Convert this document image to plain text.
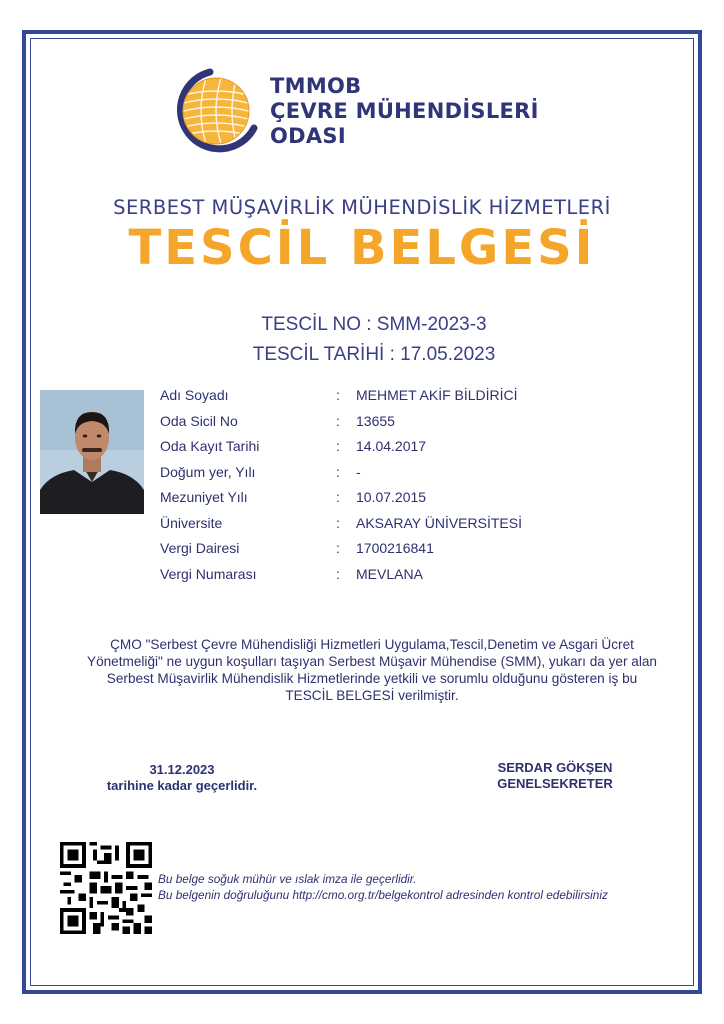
TMMOB
ÇEVRE MÜHENDİSLERİ
ODASI
SERBEST MÜŞAVİRLİK MÜHENDİSLİK HİZMETLERİ
TESCİL BELGESİ
TESCİL NO : SMM-2023-3
TESCİL TARİHİ : 17.05.2023
Adı Soyadı	: MEHMET AKİF BİLDİRİCİ
Oda Sicil No	: 13655
Oda Kayıt Tarihi	: 14.04.2017
Doğum yer, Yılı	: -
Mezuniyet Yılı	: 10.07.2015
Üniversite	: AKSARAY ÜNİVERSİTESİ
Vergi Dairesi	: 1700216841
Vergi Numarası	: MEVLANA

ÇMO "Serbest Çevre Mühendisliği Hizmetleri Uygulama,Tescil,Denetim ve Asgari Ücret

Yönetmeliği" ne uygun koşulları taşıyan Serbest Müşavir Mühendise (SMM), yukarı da yer alan

Serbest Müşavirlik Mühendislik Hizmetlerinde yetkili ve sorumlu olduğunu gösteren iş bu

TESCİL BELGESİ verilmiştir.

31.12.2023
tarihine kadar geçerlidir.
SERDAR GÖKŞEN
GENELSEKRETER
Bu belge soğuk mühür ve ıslak imza ile geçerlidir.
Bu belgenin doğruluğunu http://cmo.org.tr/belgekontrol adresinden kontrol edebilirsiniz
